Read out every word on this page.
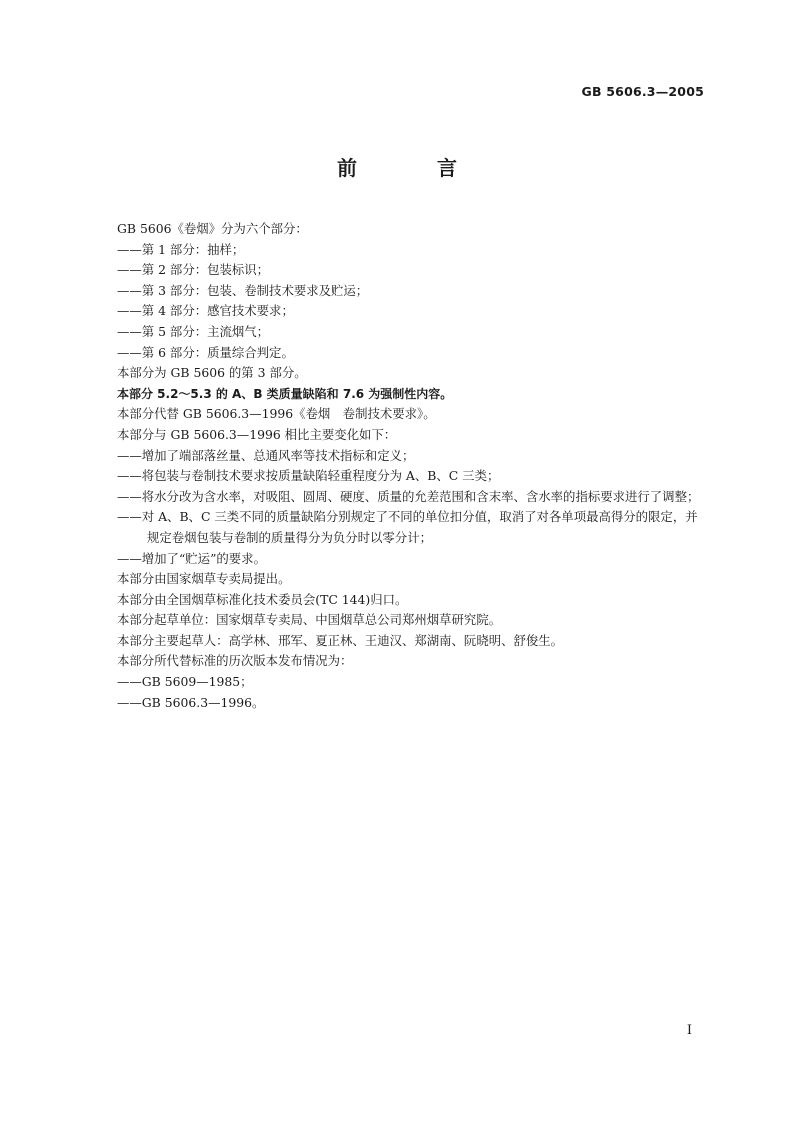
GB 5606.3—2005
前　言
GB 5606《卷烟》分为六个部分：
——第 1 部分：抽样；
——第 2 部分：包装标识；
——第 3 部分：包装、卷制技术要求及贮运；
——第 4 部分：感官技术要求；
——第 5 部分：主流烟气；
——第 6 部分：质量综合判定。
本部分为 GB 5606 的第 3 部分。
本部分 5.2～5.3 的 A、B 类质量缺陷和 7.6 为强制性内容。
本部分代替 GB 5606.3—1996《卷烟　卷制技术要求》。
本部分与 GB 5606.3—1996 相比主要变化如下：
——增加了端部落丝量、总通风率等技术指标和定义；
——将包装与卷制技术要求按质量缺陷轻重程度分为 A、B、C 三类；
——将水分改为含水率，对吸阻、圆周、硬度、质量的允差范围和含末率、含水率的指标要求进行了调整；
——对 A、B、C 三类不同的质量缺陷分别规定了不同的单位扣分值，取消了对各单项最高得分的限定，并规定卷烟包装与卷制的质量得分为负分时以零分计；
——增加了“贮运”的要求。
本部分由国家烟草专卖局提出。
本部分由全国烟草标准化技术委员会(TC 144)归口。
本部分起草单位：国家烟草专卖局、中国烟草总公司郑州烟草研究院。
本部分主要起草人：高学林、邢军、夏正林、王迪汉、郑湖南、阮晓明、舒俊生。
本部分所代替标准的历次版本发布情况为：
——GB 5609—1985；
——GB 5606.3—1996。
I
